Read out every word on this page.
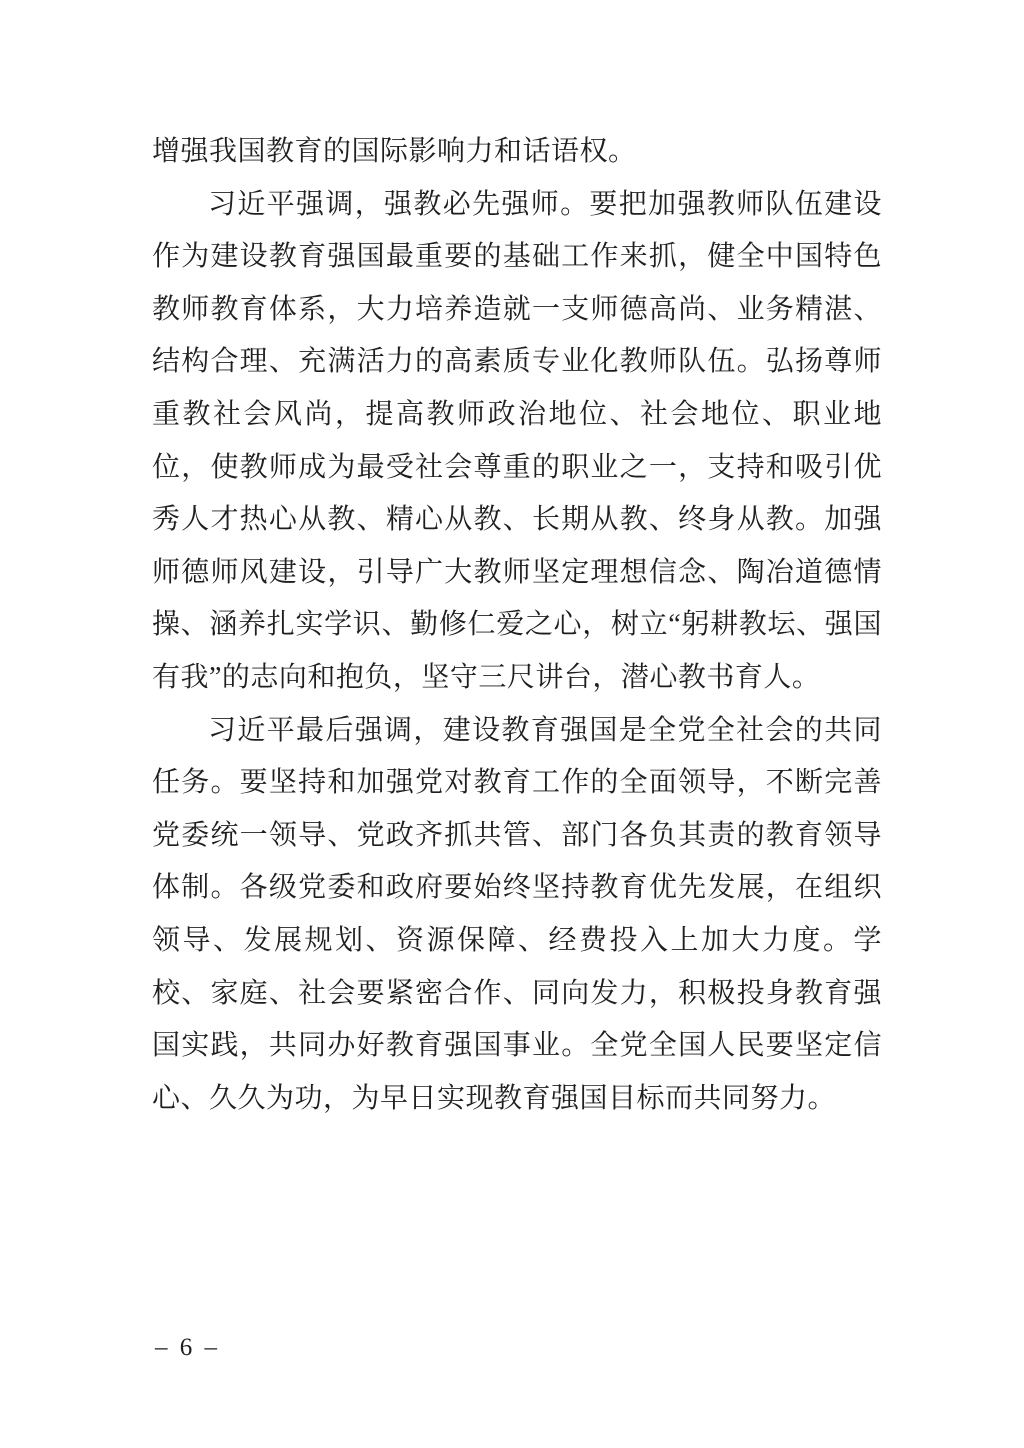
增强我国教育的国际影响力和话语权。

习近平强调，强教必先强师。要把加强教师队伍建设作为建设教育强国最重要的基础工作来抓，健全中国特色教师教育体系，大力培养造就一支师德高尚、业务精湛、结构合理、充满活力的高素质专业化教师队伍。弘扬尊师重教社会风尚，提高教师政治地位、社会地位、职业地位，使教师成为最受社会尊重的职业之一，支持和吸引优秀人才热心从教、精心从教、长期从教、终身从教。加强师德师风建设，引导广大教师坚定理想信念、陶冶道德情操、涵养扎实学识、勤修仁爱之心，树立“躬耕教坛、强国有我”的志向和抱负，坚守三尺讲台，潜心教书育人。

习近平最后强调，建设教育强国是全党全社会的共同任务。要坚持和加强党对教育工作的全面领导，不断完善党委统一领导、党政齐抓共管、部门各负其责的教育领导体制。各级党委和政府要始终坚持教育优先发展，在组织领导、发展规划、资源保障、经费投入上加大力度。学校、家庭、社会要紧密合作、同向发力，积极投身教育强国实践，共同办好教育强国事业。全党全国人民要坚定信心、久久为功，为早日实现教育强国目标而共同努力。

– 6 –
